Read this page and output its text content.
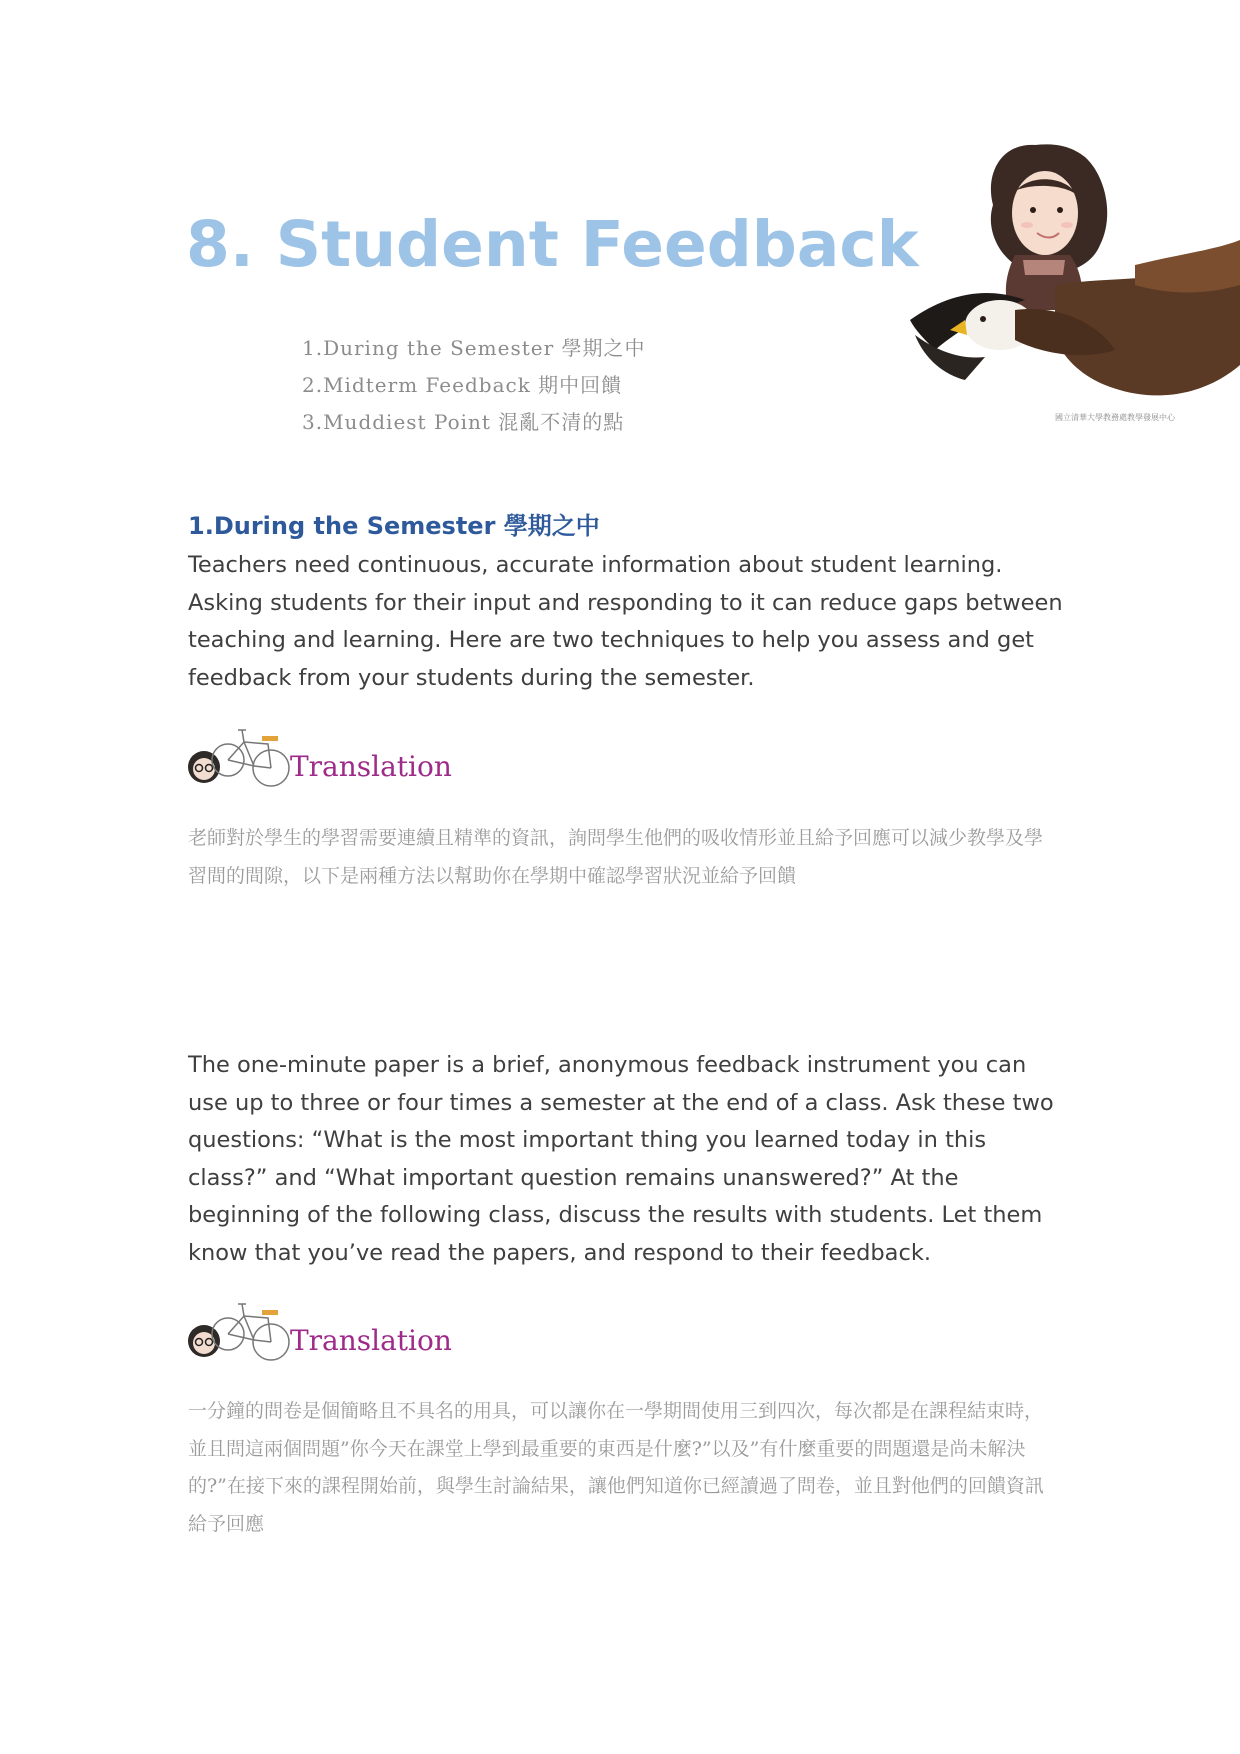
8. Student Feedback
1.During the Semester 學期之中
2.Midterm Feedback 期中回饋
3.Muddiest Point 混亂不清的點	國立清華大學教務處教學發展中心
1.During the Semester 學期之中

Teachers need continuous, accurate information about student learning. Asking students for their input and responding to it can reduce gaps between teaching and learning. Here are two techniques to help you assess and get feedback from your students during the semester.

Translation

老師對於學生的學習需要連續且精準的資訊，詢問學生他們的吸收情形並且給予回應可以減少教學及學習間的間隙，以下是兩種方法以幫助你在學期中確認學習狀況並給予回饋

The one-minute paper is a brief, anonymous feedback instrument you can use up to three or four times a semester at the end of a class. Ask these two questions: “What is the most important thing you learned today in this class?” and “What important question remains unanswered?” At the beginning of the following class, discuss the results with students. Let them know that you’ve read the papers, and respond to their feedback.

Translation

一分鐘的問卷是個簡略且不具名的用具，可以讓你在一學期間使用三到四次，每次都是在課程結束時，並且問這兩個問題”你今天在課堂上學到最重要的東西是什麼?”以及”有什麼重要的問題還是尚未解決的?”在接下來的課程開始前，與學生討論結果，讓他們知道你已經讀過了問卷，並且對他們的回饋資訊給予回應
